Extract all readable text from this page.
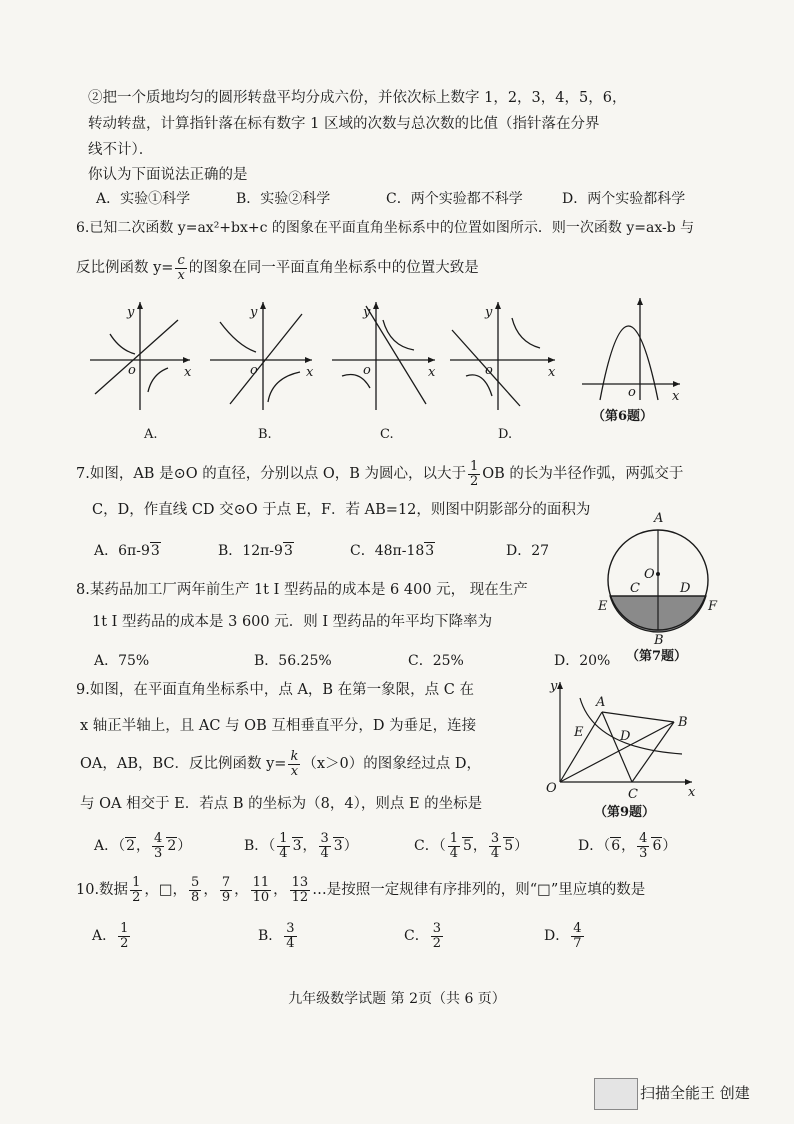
②把一个质地均匀的圆形转盘平均分成六份，并依次标上数字 1，2，3，4，5，6，
转动转盘，计算指针落在标有数字 1 区域的次数与总次数的比值（指针落在分界
线不计）．
你认为下面说法正确的是
A．实验①科学	B．实验②科学	C．两个实验都不科学	D．两个实验都科学
6.已知二次函数 y=ax²+bx+c 的图象在平面直角坐标系中的位置如图所示．则一次函数 y=ax-b 与
反比例函数 $y= \frac{c}{x}$ 的图象在同一平面直角坐标系中的位置大致是
y
x
o
y
x
o
y
x
o
y
x
o
x
o
A.	B.	C.	D.
（第6题）
7.如图，AB 是⊙O 的直径，分别以点 O，B 为圆心，以大于 $\frac{1}{2}$ OB 的长为半径作弧，两弧交于
C，D，作直线 CD 交⊙O 于点 E，F．若 AB=12，则图中阴影部分的面积为
A．6π-93	B．12π-93	C．48π-183	D．27
A
O
C	D
E	F
B
（第7题）
8.某药品加工厂两年前生产 1t I 型药品的成本是 6 400 元， 现在生产
1t I 型药品的成本是 3 600 元．则 I 型药品的年平均下降率为
A．75%	B．56.25%	C．25%	D．20%
9.如图，在平面直角坐标系中，点 A，B 在第一象限，点 C 在
x 轴正半轴上，且 AC 与 OB 互相垂直平分，D 为垂足，连接
OA，AB，BC．反比例函数 $y= \frac{k}{x} (x>0)$的图象经过点 D，
与 OA 相交于 E．若点 B 的坐标为（8，4），则点 E 的坐标是
y
A
B
E	D
O	C	x
（第9题）
A．（2， $\frac{4}{3} 2$）	B．（ $\frac{1}{4} 3$， $\frac{3}{4} 3$）	C．（ $\frac{1}{4} 5$， $\frac{3}{4} 5$）	D．（6， $\frac{4}{3} 6$）
10.数据 $\frac{1}{2}$ ，□， $\frac{5}{8}$ ， $\frac{7}{9}$ ， $\frac{11}{10}$ ， $\frac{13}{12}$ …是按照一定规律有序排列的，则“□”里应填的数是
A． $\frac{1}{2}$	B． $\frac{3}{4}$	C． $\frac{3}{2}$	D． $\frac{4}{7}$
九年级数学试题 第 2页（共 6 页）
扫描全能王 创建
